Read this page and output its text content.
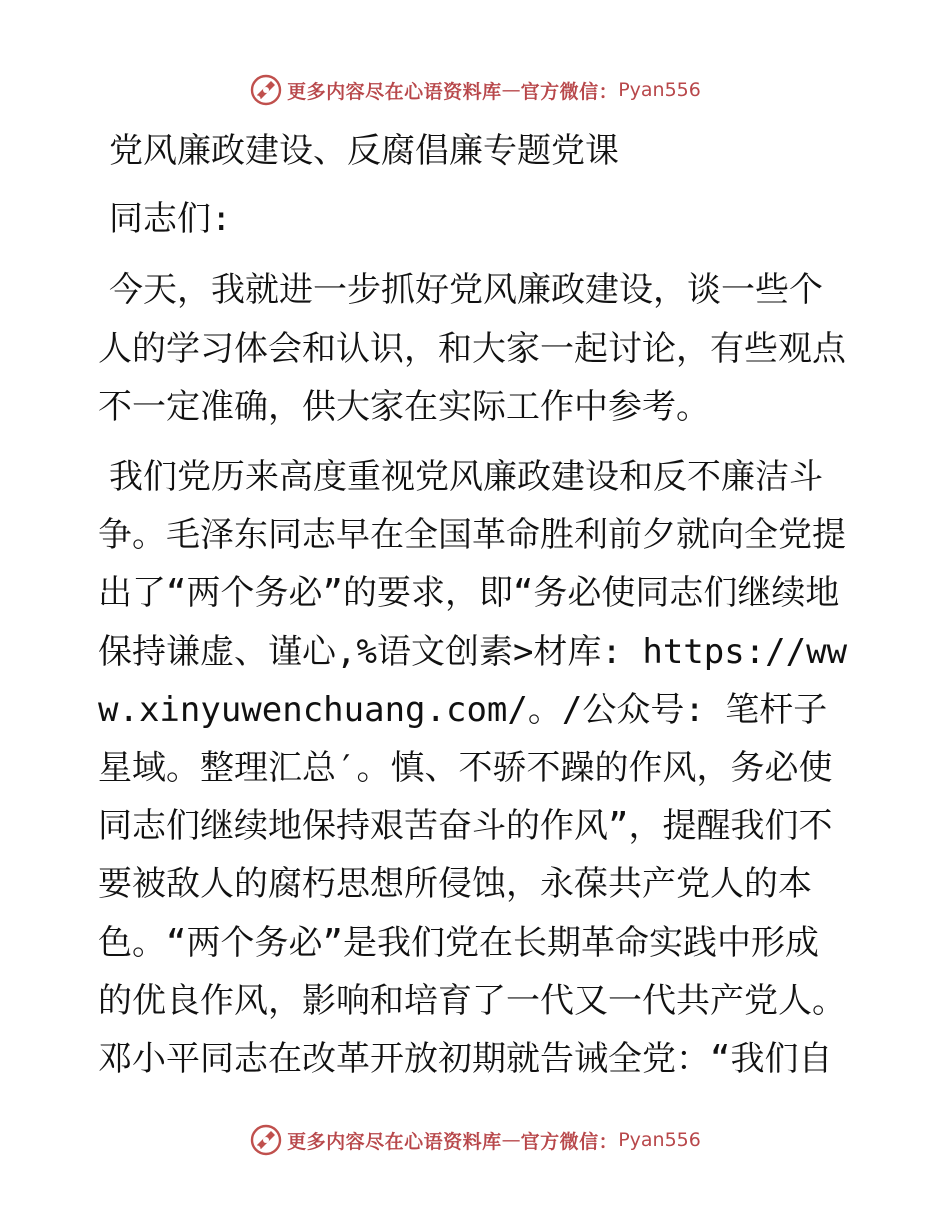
更多内容尽在心语资料库 — 官方微信： Pyan556

党风廉政建设、反腐倡廉专题党课

同志们:

今天，我就进一步抓好党风廉政建设，谈一些个人的学习体会和认识，和大家一起讨论，有些观点不一定准确，供大家在实际工作中参考。

我们党历来高度重视党风廉政建设和反不廉洁斗争。毛泽东同志早在全国革命胜利前夕就向全党提出了“两个务必”的要求，即“务必使同志们继续地保持谦虚、谨心,%语文创素>材库: https://www.xinyuwenchuang.com/。/公众号: 笔杆子星域。整理汇总′。慎、不骄不躁的作风，务必使同志们继续地保持艰苦奋斗的作风”，提醒我们不要被敌人的腐朽思想所侵蚀，永葆共产党人的本色。“两个务必”是我们党在长期革命实践中形成的优良作风，影响和培育了一代又一代共产党人。邓小平同志在改革开放初期就告诫全党：“我们自

更多内容尽在心语资料库 — 官方微信： Pyan556
